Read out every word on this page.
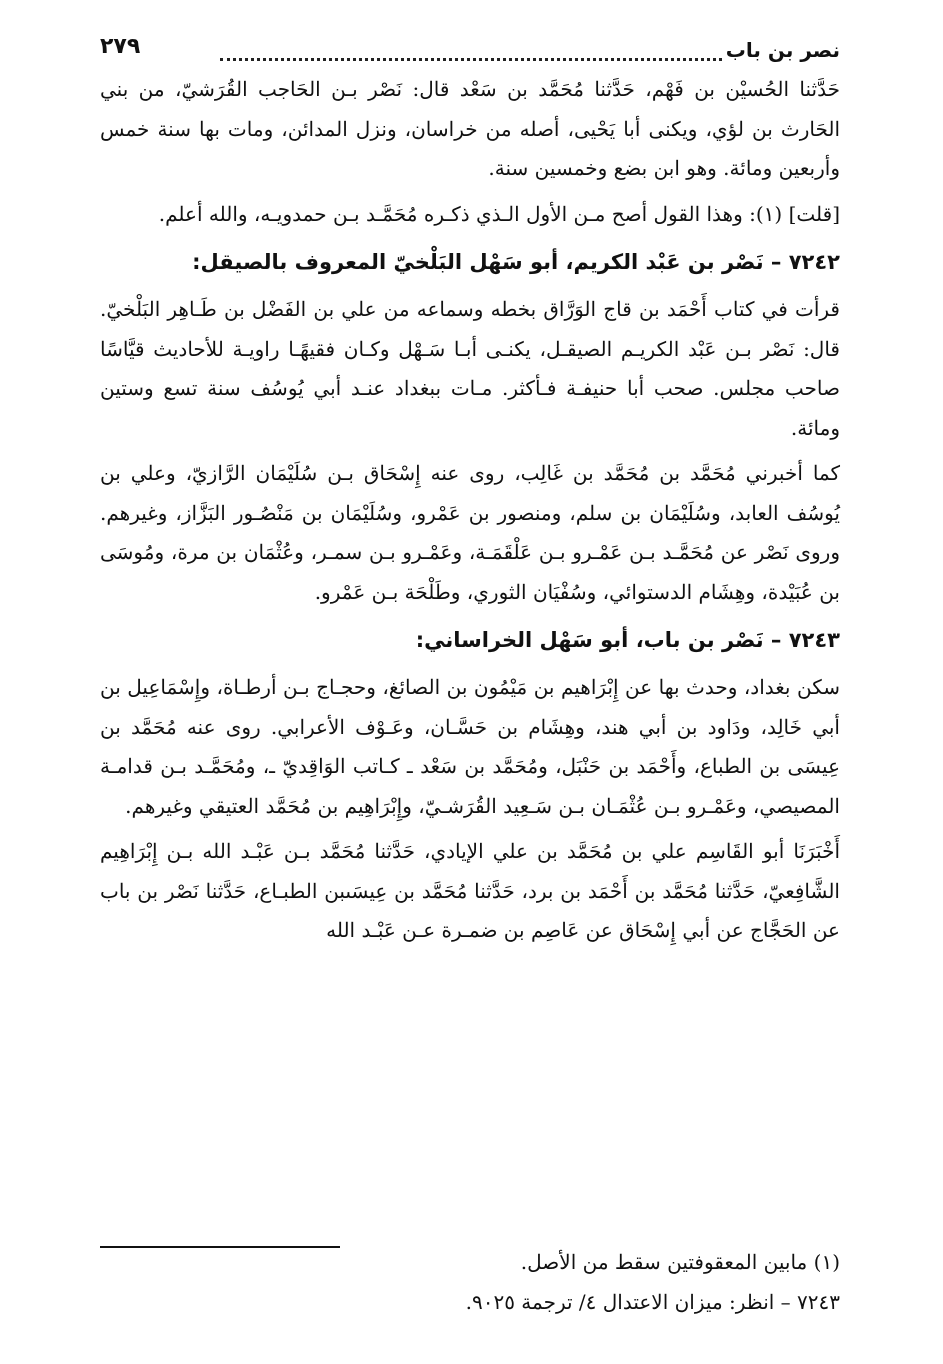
نصر بن باب
٢٧٩

حَدَّثنا الحُسيْن بن فَهْم، حَدَّثنا مُحَمَّد بن سَعْد قال: نَصْر بـن الحَاجب القُرَشيّ، من بني الحَارث بن لؤي، ويكنى أبا يَحْيى، أصله من خراسان، ونزل المدائن، ومات بها سنة خمس وأربعين ومائة. وهو ابن بضع وخمسين سنة.

[قلت] (١): وهذا القول أصح مـن الأول الـذي ذكـره مُحَمَّـد بـن حمدويـه، والله أعلم.

٧٢٤٢ – نَصْر بن عَبْد الكريم، أبو سَهْل البَلْخيّ المعروف بالصيقل:

قرأت في كتاب أَحْمَد بن قاج الوَرَّاق بخطه وسماعه من علي بن الفَضْل بن طَـاهِر البَلْخيّ. قال: نَصْر بـن عَبْد الكريـم الصيقـل، يكنـى أبـا سَـهْل وكـان فقيهًـا راويـة للأحاديث قيَّاسًا صاحب مجلس. صحب أبا حنيفـة فـأكثر. مـات ببغداد عنـد أبي يُوسُف سنة تسع وستين ومائة.

كما أخبرني مُحَمَّد بن مُحَمَّد بن غَالِب، روى عنه إِسْحَاق بـن سُلَيْمَان الرَّازيّ، وعلي بن يُوسُف العابد، وسُلَيْمَان بن سلم، ومنصور بن عَمْرو، وسُلَيْمَان بن مَنْصُـور البَزَّاز، وغيرهم. وروى نَصْر عن مُحَمَّـد بـن عَمْـرو بـن عَلْقَمَـة، وعَمْـرو بـن سمـر، وعُثْمَان بن مرة، ومُوسَى بن عُبَيْدة، وهِشَام الدستوائي، وسُفْيَان الثوري، وطَلْحَة بـن عَمْرو.

٧٢٤٣ – نَصْر بن باب، أبو سَهْل الخراساني:

سكن بغداد، وحدث بها عن إِبْرَاهيم بن مَيْمُون بن الصائغ، وحجـاج بـن أرطـاة، وإِسْمَاعِيل بن أبي خَالِد، ودَاود بن أبي هند، وهِشَام بن حَسَّـان، وعَـوْف الأعرابي. روى عنه مُحَمَّد بن عِيسَى بن الطباع، وأَحْمَد بن حَنْبَل، ومُحَمَّد بن سَعْد ـ كـاتب الوَاقِديّ ـ، ومُحَمَّـد بـن قدامـة المصيصي، وعَمْـرو بـن عُثْمَـان بـن سَـعِيد القُرَشـيّ، وإِبْرَاهِيم بن مُحَمَّد العتيقي وغيرهم.

أَخْبَرَنَا أبو القَاسِم علي بن مُحَمَّد بن علي الإيادي، حَدَّثنا مُحَمَّد بـن عَبْـد الله بـن إِبْرَاهِيم الشَّافِعيّ، حَدَّثنا مُحَمَّد بن أَحْمَد بن برد، حَدَّثنا مُحَمَّد بن عِيسَىبن الطبـاع، حَدَّثنا نَصْر بن باب عن الحَجَّاج عن أبي إِسْحَاق عن عَاصِم بن ضمـرة عـن عَبْـد الله

(١) مابين المعقوفتين سقط من الأصل.

٧٢٤٣ – انظر: ميزان الاعتدال ٤/ ترجمة ٩٠٢٥.
